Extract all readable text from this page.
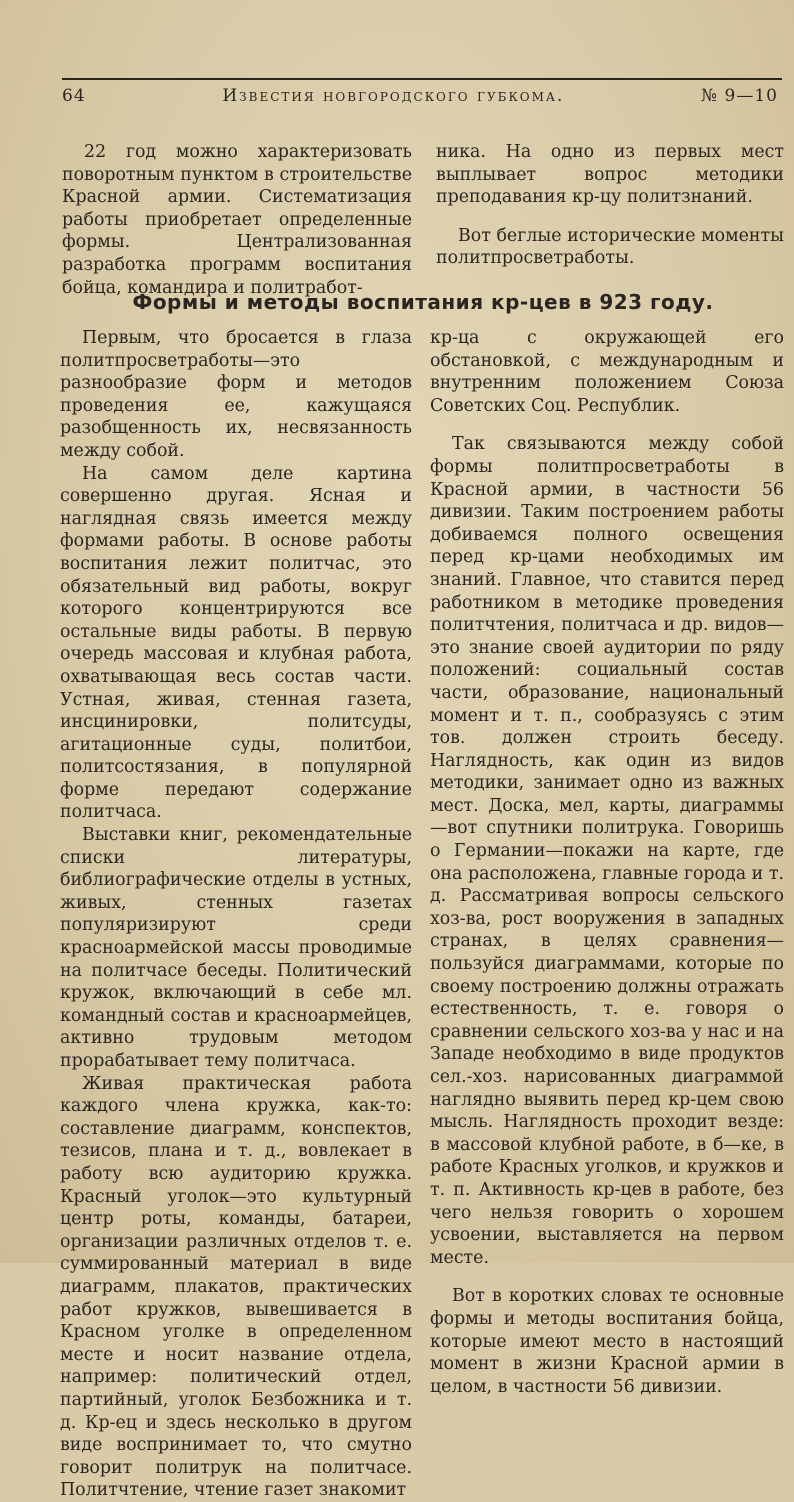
64	Известия новгородского губкома.	№ 9—10

22 год можно характеризовать поворотным пунктом в строительстве Красной армии. Систематизация работы приобретает определенные формы. Централизованная разработка программ воспитания бойца, командира и политработ-

ника. На одно из первых мест выплывает вопрос методики преподавания кр-цу политзнаний.

Вот беглые исторические моменты политпросветработы.

Формы и методы воспитания кр-цев в 923 году.

Первым, что бросается в глаза политпросветработы—это разнообразие форм и методов проведения ее, кажущаяся разобщенность их, несвязанность между собой.

На самом деле картина совершенно другая. Ясная и наглядная связь имеется между формами работы. В основе работы воспитания лежит политчас, это обязательный вид работы, вокруг которого концентрируются все остальные виды работы. В первую очередь массовая и клубная работа, охватывающая весь состав части. Устная, живая, стенная газета, инсцинировки, политсуды, агитационные суды, политбои, политсостязания, в популярной форме передают содержание политчаса.

Выставки книг, рекомендательные списки литературы, библиографические отделы в устных, живых, стенных газетах популяризируют среди красноармейской массы проводимые на политчасе беседы. Политический кружок, включающий в себе мл. командный состав и красноармейцев, активно трудовым методом прорабатывает тему политчаса.

Живая практическая работа каждого члена кружка, как-то: составление диаграмм, конспектов, тезисов, плана и т. д., вовлекает в работу всю аудиторию кружка. Красный уголок—это культурный центр роты, команды, батареи, организации различных отделов т. е. суммированный материал в виде диаграмм, плакатов, практических работ кружков, вывешивается в Красном уголке в определенном месте и носит название отдела, например: политический отдел, партийный, уголок Безбожника и т. д. Кр-ец и здесь несколько в другом виде воспринимает то, что смутно говорит политрук на политчасе. Политчтение, чтение газет знакомит

кр-ца с окружающей его обстановкой, с международным и внутренним положением Союза Советских Соц. Республик.

Так связываются между собой формы политпросветработы в Красной армии, в частности 56 дивизии. Таким построением работы добиваемся полного освещения перед кр-цами необходимых им знаний. Главное, что ставится перед работником в методике проведения политчтения, политчаса и др. видов—это знание своей аудитории по ряду положений: социальный состав части, образование, национальный момент и т. п., сообразуясь с этим тов. должен строить беседу. Наглядность, как один из видов методики, занимает одно из важных мест. Доска, мел, карты, диаграммы—вот спутники политрука. Говоришь о Германии—покажи на карте, где она расположена, главные города и т. д. Рассматривая вопросы сельского хоз-ва, рост вооружения в западных странах, в целях сравнения—пользуйся диаграммами, которые по своему построению должны отражать естественность, т. е. говоря о сравнении сельского хоз-ва у нас и на Западе необходимо в виде продуктов сел.-хоз. нарисованных диаграммой наглядно выявить перед кр-цем свою мысль. Наглядность проходит везде: в массовой клубной работе, в б—ке, в работе Красных уголков, и кружков и т. п. Активность кр-цев в работе, без чего нельзя говорить о хорошем усвоении, выставляется на первом месте.

Вот в коротких словах те основные формы и методы воспитания бойца, которые имеют место в настоящий момент в жизни Красной армии в целом, в частности 56 дивизии.
